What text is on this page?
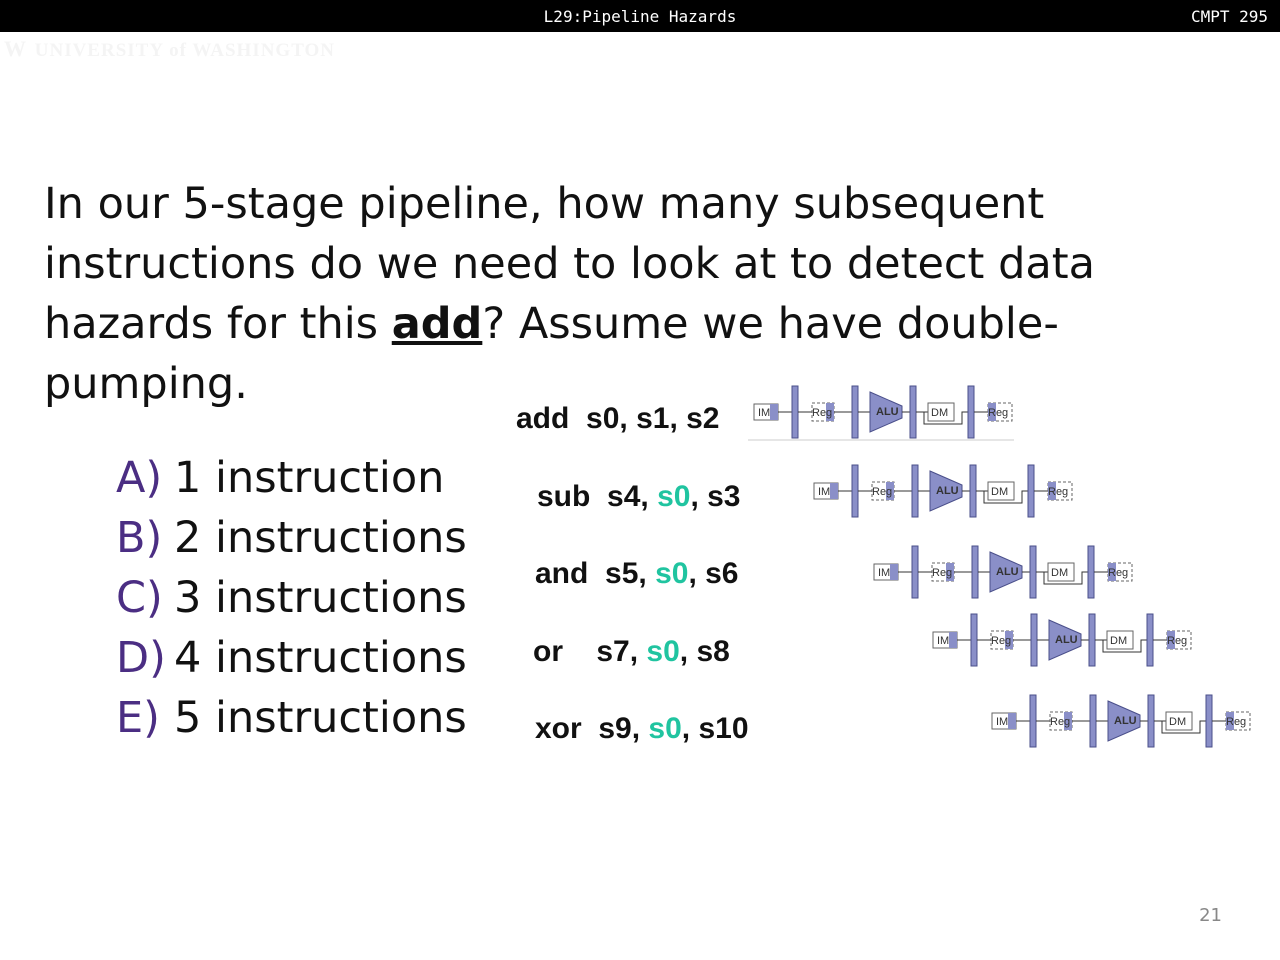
L29:Pipeline Hazards	CMPT 295
W UNIVERSITY of WASHINGTON
In our 5-stage pipeline, how many subsequent instructions do we need to look at to detect data hazards for this add? Assume we have double-pumping.
A) 1 instruction
B) 2 instructions
C) 3 instructions
D) 4 instructions
E) 5 instructions
add  s0, s1, s2
sub  s4, s0, s3
and  s5, s0, s6
or    s7, s0, s8
xor  s9, s0, s10
IM	Reg	ALU	DM	Reg
IM	Reg	ALU	DM	Reg
IM	Reg	ALU	DM	Reg
IM	Reg	ALU	DM	Reg
IM	Reg	ALU	DM	Reg
21
